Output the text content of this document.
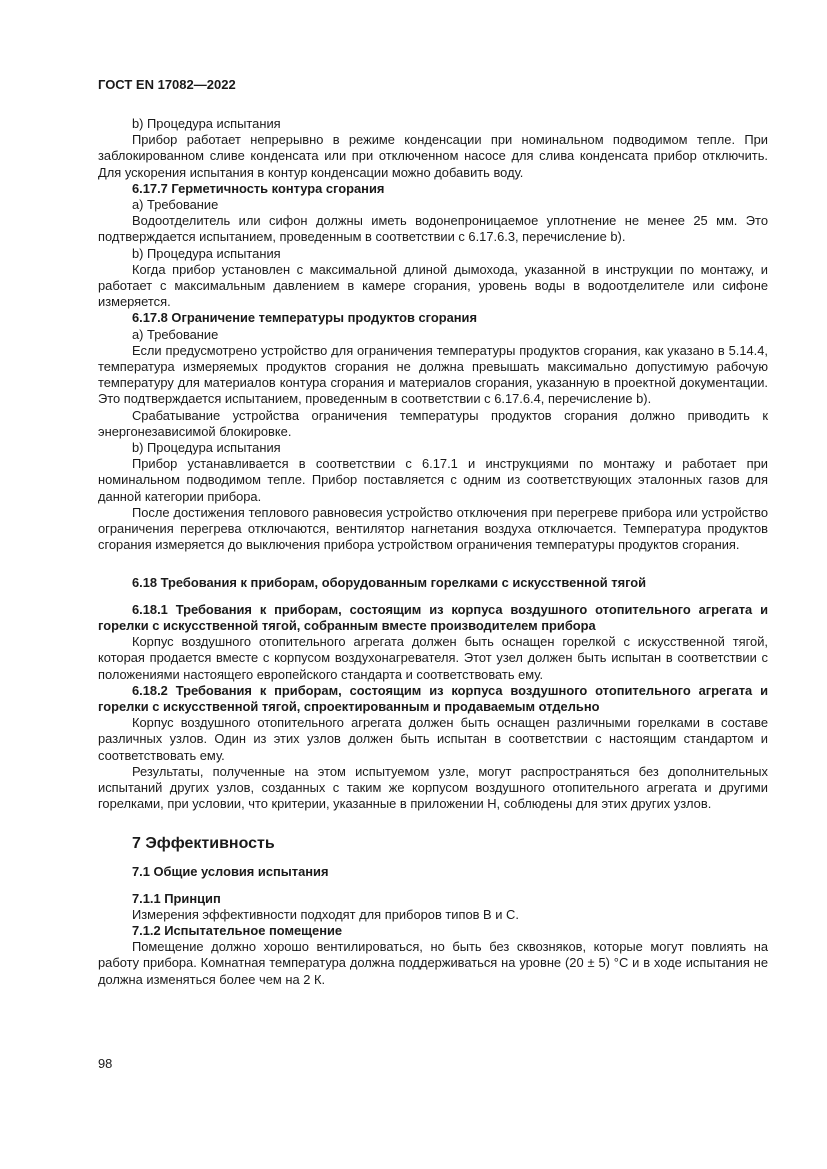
ГОСТ EN 17082—2022

b) Процедура испытания

Прибор работает непрерывно в режиме конденсации при номинальном подводимом тепле. При заблокированном сливе конденсата или при отключенном насосе для слива конденсата прибор отключить. Для ускорения испытания в контур конденсации можно добавить воду.

6.17.7 Герметичность контура сгорания

a) Требование

Водоотделитель или сифон должны иметь водонепроницаемое уплотнение не менее 25 мм. Это подтверждается испытанием, проведенным в соответствии с 6.17.6.3, перечисление b).

b) Процедура испытания

Когда прибор установлен с максимальной длиной дымохода, указанной в инструкции по монтажу, и работает с максимальным давлением в камере сгорания, уровень воды в водоотделителе или сифоне измеряется.

6.17.8 Ограничение температуры продуктов сгорания

a) Требование

Если предусмотрено устройство для ограничения температуры продуктов сгорания, как указано в 5.14.4, температура измеряемых продуктов сгорания не должна превышать максимально допустимую рабочую температуру для материалов контура сгорания и материалов сгорания, указанную в проектной документации. Это подтверждается испытанием, проведенным в соответствии с 6.17.6.4, перечисление b).

Срабатывание устройства ограничения температуры продуктов сгорания должно приводить к энергонезависимой блокировке.

b) Процедура испытания

Прибор устанавливается в соответствии с 6.17.1 и инструкциями по монтажу и работает при номинальном подводимом тепле. Прибор поставляется с одним из соответствующих эталонных газов для данной категории прибора.

После достижения теплового равновесия устройство отключения при перегреве прибора или устройство ограничения перегрева отключаются, вентилятор нагнетания воздуха отключается. Температура продуктов сгорания измеряется до выключения прибора устройством ограничения температуры продуктов сгорания.

6.18 Требования к приборам, оборудованным горелками с искусственной тягой

6.18.1 Требования к приборам, состоящим из корпуса воздушного отопительного агрегата и горелки с искусственной тягой, собранным вместе производителем прибора

Корпус воздушного отопительного агрегата должен быть оснащен горелкой с искусственной тягой, которая продается вместе с корпусом воздухонагревателя. Этот узел должен быть испытан в соответствии с положениями настоящего европейского стандарта и соответствовать ему.

6.18.2 Требования к приборам, состоящим из корпуса воздушного отопительного агрегата и горелки с искусственной тягой, спроектированным и продаваемым отдельно

Корпус воздушного отопительного агрегата должен быть оснащен различными горелками в составе различных узлов. Один из этих узлов должен быть испытан в соответствии с настоящим стандартом и соответствовать ему.

Результаты, полученные на этом испытуемом узле, могут распространяться без дополнительных испытаний других узлов, созданных с таким же корпусом воздушного отопительного агрегата и другими горелками, при условии, что критерии, указанные в приложении H, соблюдены для этих других узлов.

7 Эффективность

7.1 Общие условия испытания

7.1.1 Принцип

Измерения эффективности подходят для приборов типов B и C.

7.1.2 Испытательное помещение

Помещение должно хорошо вентилироваться, но быть без сквозняков, которые могут повлиять на работу прибора. Комнатная температура должна поддерживаться на уровне (20 ± 5) °С и в ходе испытания не должна изменяться более чем на 2 К.

98
